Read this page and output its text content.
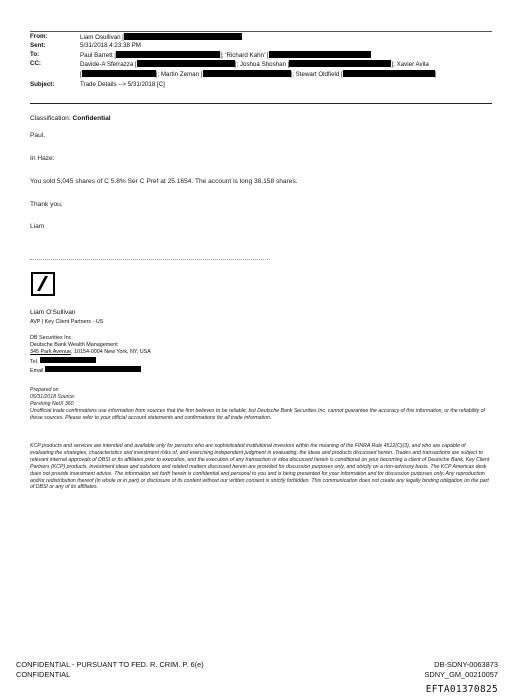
From:	Liam Osullivan [
Sent:	5/31/2018 4:23:38 PM
To:	Paul Barrett [	]; 'Richard Kahn' [
CC:	Davide-A Sferrazza [	]; Joshua Shoshan [	]; Xavier Avila
]; Martin Zeman [	]; Stewart Oldfield [	]
Subject:	Trade Details --> 5/31/2018 [C]
Classification: Confidential
Paul,
In Haze:
You sold 5,045 shares of C 5.8% Ser C Pref at 25.1654. The account is long 38,158 shares.
Thank you,
Liam
Liam O'Sullivan
AVP | Key Client Partners - US
DB Securities Inc.
Deutsche Bank Wealth Management
345 Park Avenue, 10154-0004 New York, NY, USA
Tel.
Email
Prepared on
05/31/2018 Source:
Pershing NetX 360
Unofficial trade confirmations use information from sources that the firm believes to be reliable, but Deutsche Bank Securities Inc. cannot guarantee the accuracy of this information, or the reliability of these sources. Please refer to your official account statements and confirmations for all trade information.
KCP products and services are intended and available only for persons who are sophisticated institutional investors within the meaning of the FINRA Rule 4512(C)(3), and who are capable of evaluating the strategies, characteristics and investment risks of, and exercising independent judgment in evaluating, the ideas and products discussed herein. Trades and transactions are subject to relevant internal approvals of DBSI or its affiliates prior to execution, and the execution of any transaction or idea discussed herein is conditional on your becoming a client of Deutsche Bank. Key Client Partners (KCP) products, investment ideas and solutions and related matters discussed herein are provided for discussion purposes only, and strictly on a non-advisory basis. The KCP Americas desk does not provide investment advice. The information set forth herein is confidential and personal to you and is being presented for your information and for discussion purposes only. Any reproduction and/or redistribution thereof (in whole or in part) or disclosure of its content without our written consent is strictly forbidden. This communication does not create any legally binding obligation on the part of DBSI or any of its affiliates.
CONFIDENTIAL - PURSUANT TO FED. R. CRIM. P. 6(e)
CONFIDENTIAL
DB-SDNY-0063873
SDNY_GM_00210057
EFTA01370825
